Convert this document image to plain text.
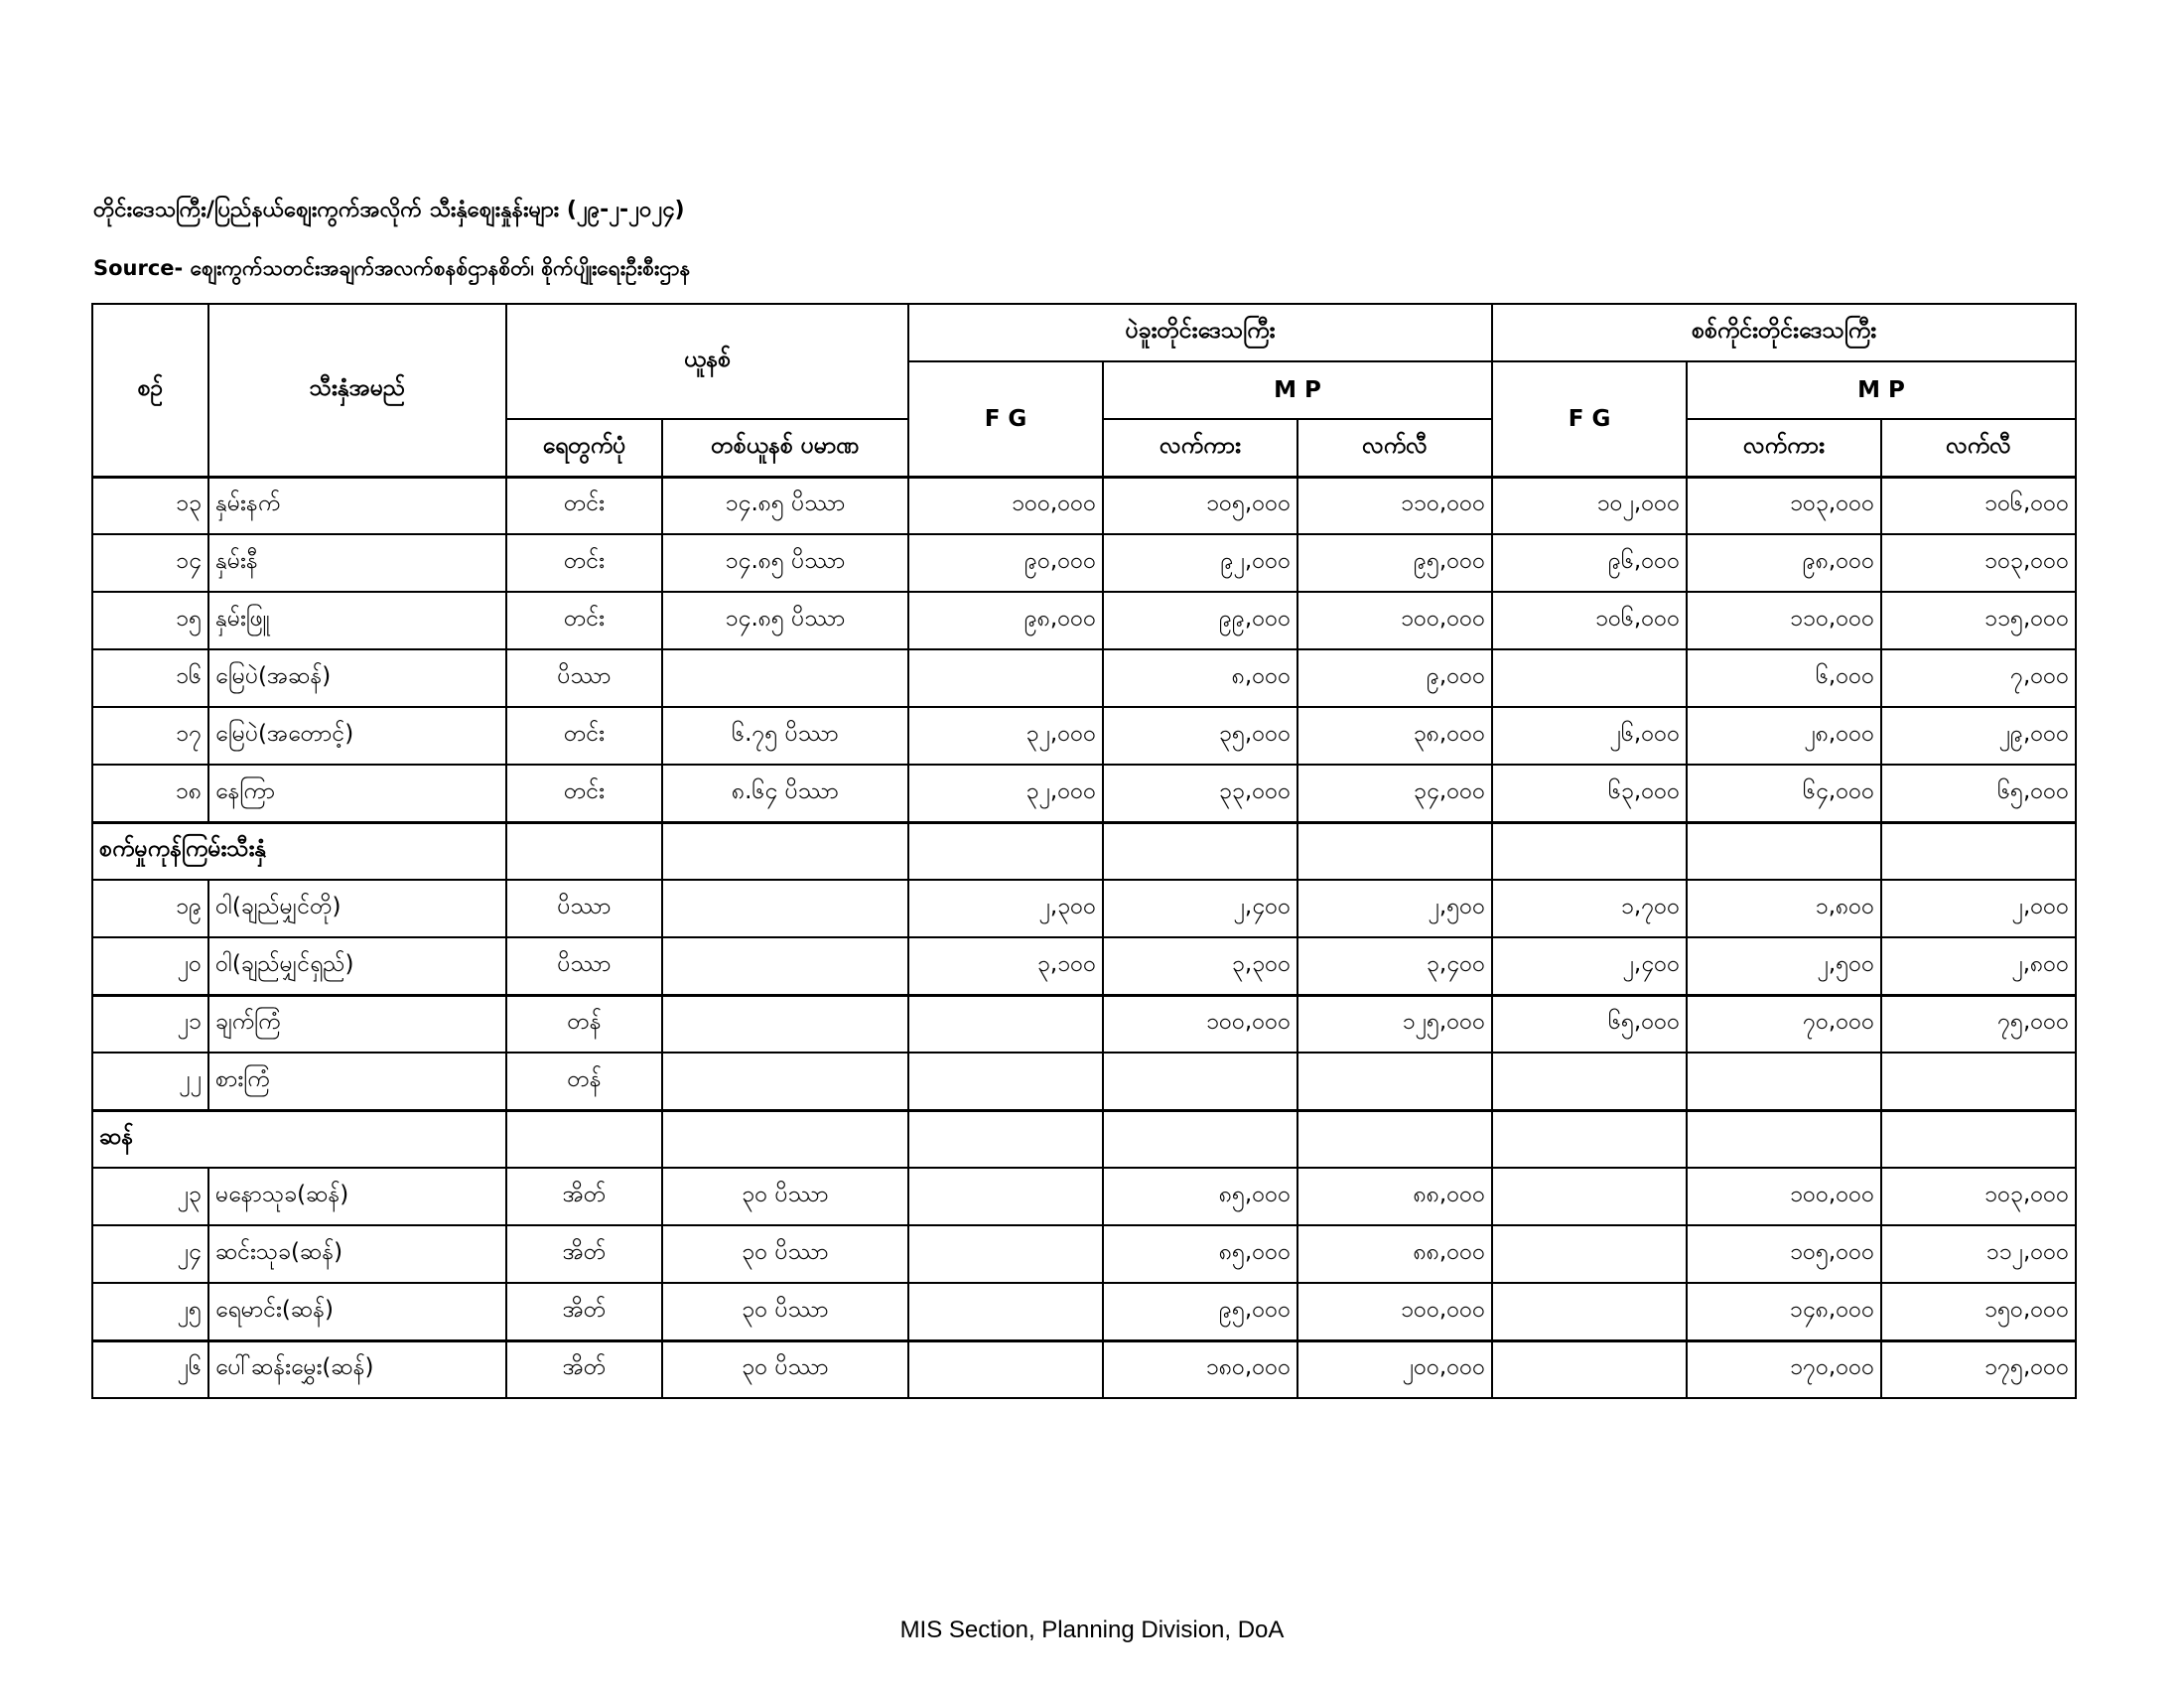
တိုင်းဒေသကြီး/ပြည်နယ်စျေးကွက်အလိုက် သီးနှံစျေးနှုန်းများ (၂၉-၂-၂၀၂၄)
Source- စျေးကွက်သတင်းအချက်အလက်စနစ်ဌာနစိတ်၊ စိုက်ပျိုးရေးဦးစီးဌာန
စဉ်	သီးနှံအမည်	ယူနစ်		ပဲခူးတိုင်းဒေသကြီး			စစ်ကိုင်းတိုင်းဒေသကြီး		
				F G	M P		F G	M P	
		ရေတွက်ပုံ	တစ်ယူနစ် ပမာဏ		လက်ကား	လက်လီ		လက်ကား	လက်လီ
၁၃	နှမ်းနက်	တင်း	၁၄.၈၅ ပိဿာ	၁၀၀,၀၀၀	၁၀၅,၀၀၀	၁၁၀,၀၀၀	၁၀၂,၀၀၀	၁၀၃,၀၀၀	၁၀၆,၀၀၀
၁၄	နှမ်းနီ	တင်း	၁၄.၈၅ ပိဿာ	၉၀,၀၀၀	၉၂,၀၀၀	၉၅,၀၀၀	၉၆,၀၀၀	၉၈,၀၀၀	၁၀၃,၀၀၀
၁၅	နှမ်းဖြူ	တင်း	၁၄.၈၅ ပိဿာ	၉၈,၀၀၀	၉၉,၀၀၀	၁၀၀,၀၀၀	၁၀၆,၀၀၀	၁၁၀,၀၀၀	၁၁၅,၀၀၀
၁၆	မြေပဲ(အဆန်)	ပိဿာ			၈,၀၀၀	၉,၀၀၀		၆,၀၀၀	၇,၀၀၀
၁၇	မြေပဲ(အတောင့်)	တင်း	၆.၇၅ ပိဿာ	၃၂,၀၀၀	၃၅,၀၀၀	၃၈,၀၀၀	၂၆,၀၀၀	၂၈,၀၀၀	၂၉,၀၀၀
၁၈	နေကြာ	တင်း	၈.၆၄ ပိဿာ	၃၂,၀၀၀	၃၃,၀၀၀	၃၄,၀၀၀	၆၃,၀၀၀	၆၄,၀၀၀	၆၅,၀၀၀
စက်မှုကုန်ကြမ်းသီးနှံ									
၁၉	ဝါ(ချည်မျှင်တို)	ပိဿာ		၂,၃၀၀	၂,၄၀၀	၂,၅၀၀	၁,၇၀၀	၁,၈၀၀	၂,၀၀၀
၂၀	ဝါ(ချည်မျှင်ရှည်)	ပိဿာ		၃,၁၀၀	၃,၃၀၀	၃,၄၀၀	၂,၄၀၀	၂,၅၀၀	၂,၈၀၀
၂၁	ချက်ကြံ	တန်			၁၀၀,၀၀၀	၁၂၅,၀၀၀	၆၅,၀၀၀	၇၀,၀၀၀	၇၅,၀၀၀
၂၂	စားကြံ	တန်							
ဆန်									
၂၃	မနော‌သုခ(ဆန်)	အိတ်	၃၀ ပိဿာ		၈၅,၀၀၀	၈၈,၀၀၀		၁၀၀,၀၀၀	၁၀၃,၀၀၀
၂၄	ဆင်းသုခ(ဆန်)	အိတ်	၃၀ ပိဿာ		၈၅,၀၀၀	၈၈,၀၀၀		၁၀၅,၀၀၀	၁၁၂,၀၀၀
၂၅	ရေမာင်း(ဆန်)	အိတ်	၃၀ ပိဿာ		၉၅,၀၀၀	၁၀၀,၀၀၀		၁၄၈,၀၀၀	၁၅၀,၀၀၀
၂၆	ပေါ်ဆန်းမွှေး(ဆန်)	အိတ်	၃၀ ပိဿာ		၁၈၀,၀၀၀	၂၀၀,၀၀၀		၁၇၀,၀၀၀	၁၇၅,၀၀၀
MIS Section, Planning Division, DoA
